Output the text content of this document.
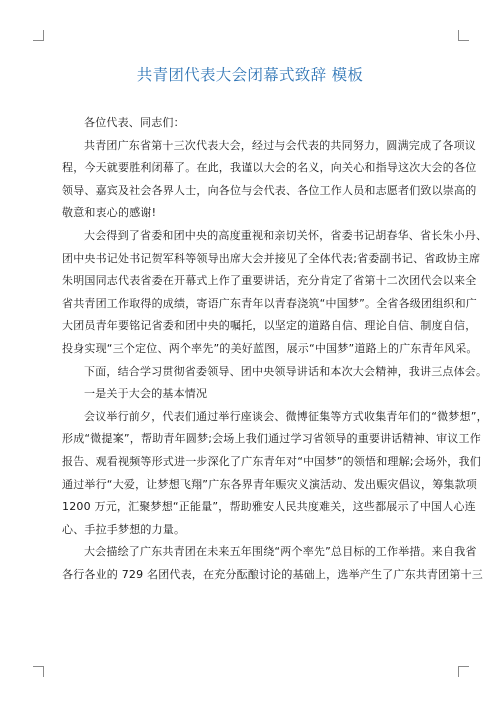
共青团代表大会闭幕式致辞 模板

各位代表、同志们：

共青团广东省第十三次代表大会，经过与会代表的共同努力，圆满完成了各项议

程，今天就要胜利闭幕了。在此，我谨以大会的名义，向关心和指导这次大会的各位

领导、嘉宾及社会各界人士，向各位与会代表、各位工作人员和志愿者们致以崇高的

敬意和衷心的感谢!

大会得到了省委和团中央的高度重视和亲切关怀，省委书记胡春华、省长朱小丹、

团中央书记处书记贺军科等领导出席大会并接见了全体代表;省委副书记、省政协主席

朱明国同志代表省委在开幕式上作了重要讲话，充分肯定了省第十二次团代会以来全

省共青团工作取得的成绩，寄语广东青年以青春浇筑“中国梦”。全省各级团组织和广

大团员青年要铭记省委和团中央的嘱托，以坚定的道路自信、理论自信、制度自信，

投身实现“三个定位、两个率先”的美好蓝图，展示“中国梦”道路上的广东青年风采。

下面，结合学习贯彻省委领导、团中央领导讲话和本次大会精神，我讲三点体会。

一是关于大会的基本情况

会议举行前夕，代表们通过举行座谈会、微博征集等方式收集青年们的“微梦想”，

形成“微提案”，帮助青年圆梦;会场上我们通过学习省领导的重要讲话精神、审议工作

报告、观看视频等形式进一步深化了广东青年对“中国梦”的领悟和理解;会场外，我们

通过举行“大爱，让梦想飞翔”广东各界青年赈灾义演活动、发出赈灾倡议，筹集款项

1200 万元，汇聚梦想“正能量”，帮助雅安人民共度难关，这些都展示了中国人心连

心、手拉手梦想的力量。

大会描绘了广东共青团在未来五年围绕“两个率先”总目标的工作举措。来自我省

各行各业的 729 名团代表，在充分酝酿讨论的基础上，选举产生了广东共青团第十三
